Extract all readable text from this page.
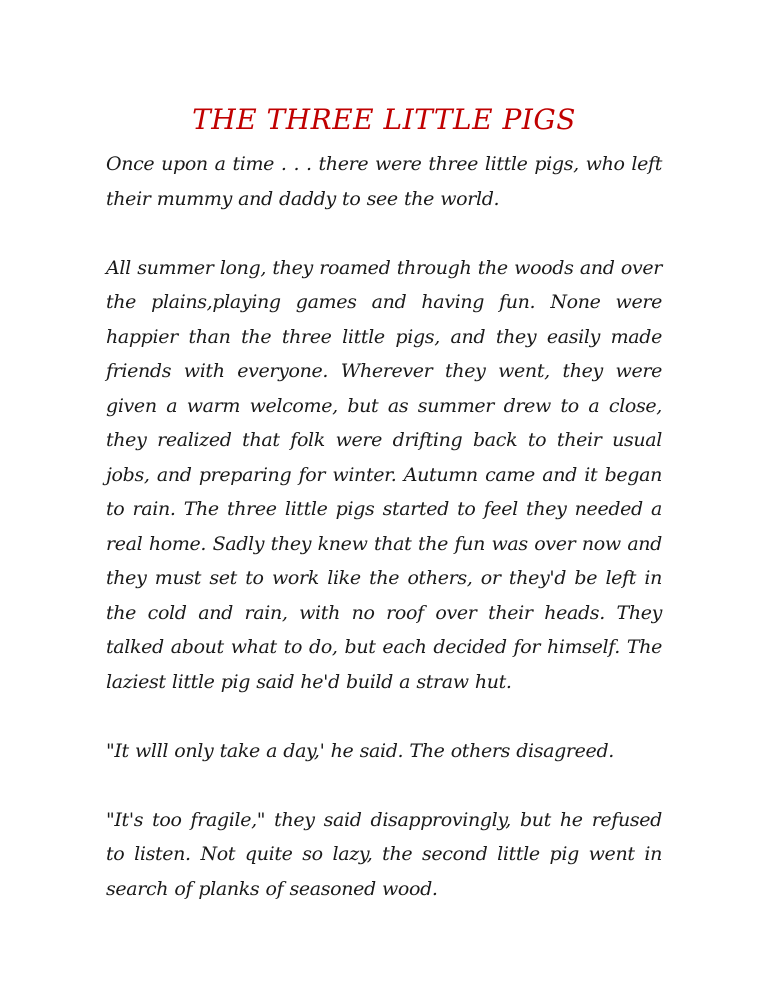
THE THREE LITTLE PIGS

Once upon a time . . . there were three little pigs, who left their mummy and daddy to see the world.

All summer long, they roamed through the woods and over the plains,playing games and having fun. None were happier than the three little pigs, and they easily made friends with everyone. Wherever they went, they were given a warm welcome, but as summer drew to a close, they realized that folk were drifting back to their usual jobs, and preparing for winter. Autumn came and it began to rain. The three little pigs started to feel they needed a real home. Sadly they knew that the fun was over now and they must set to work like the others, or they'd be left in the cold and rain, with no roof over their heads. They talked about what to do, but each decided for himself. The laziest little pig said he'd build a straw hut.

"It wlll only take a day,' he said. The others disagreed.

"It's too fragile," they said disapprovingly, but he refused to listen. Not quite so lazy, the second little pig went in search of planks of seasoned wood.
